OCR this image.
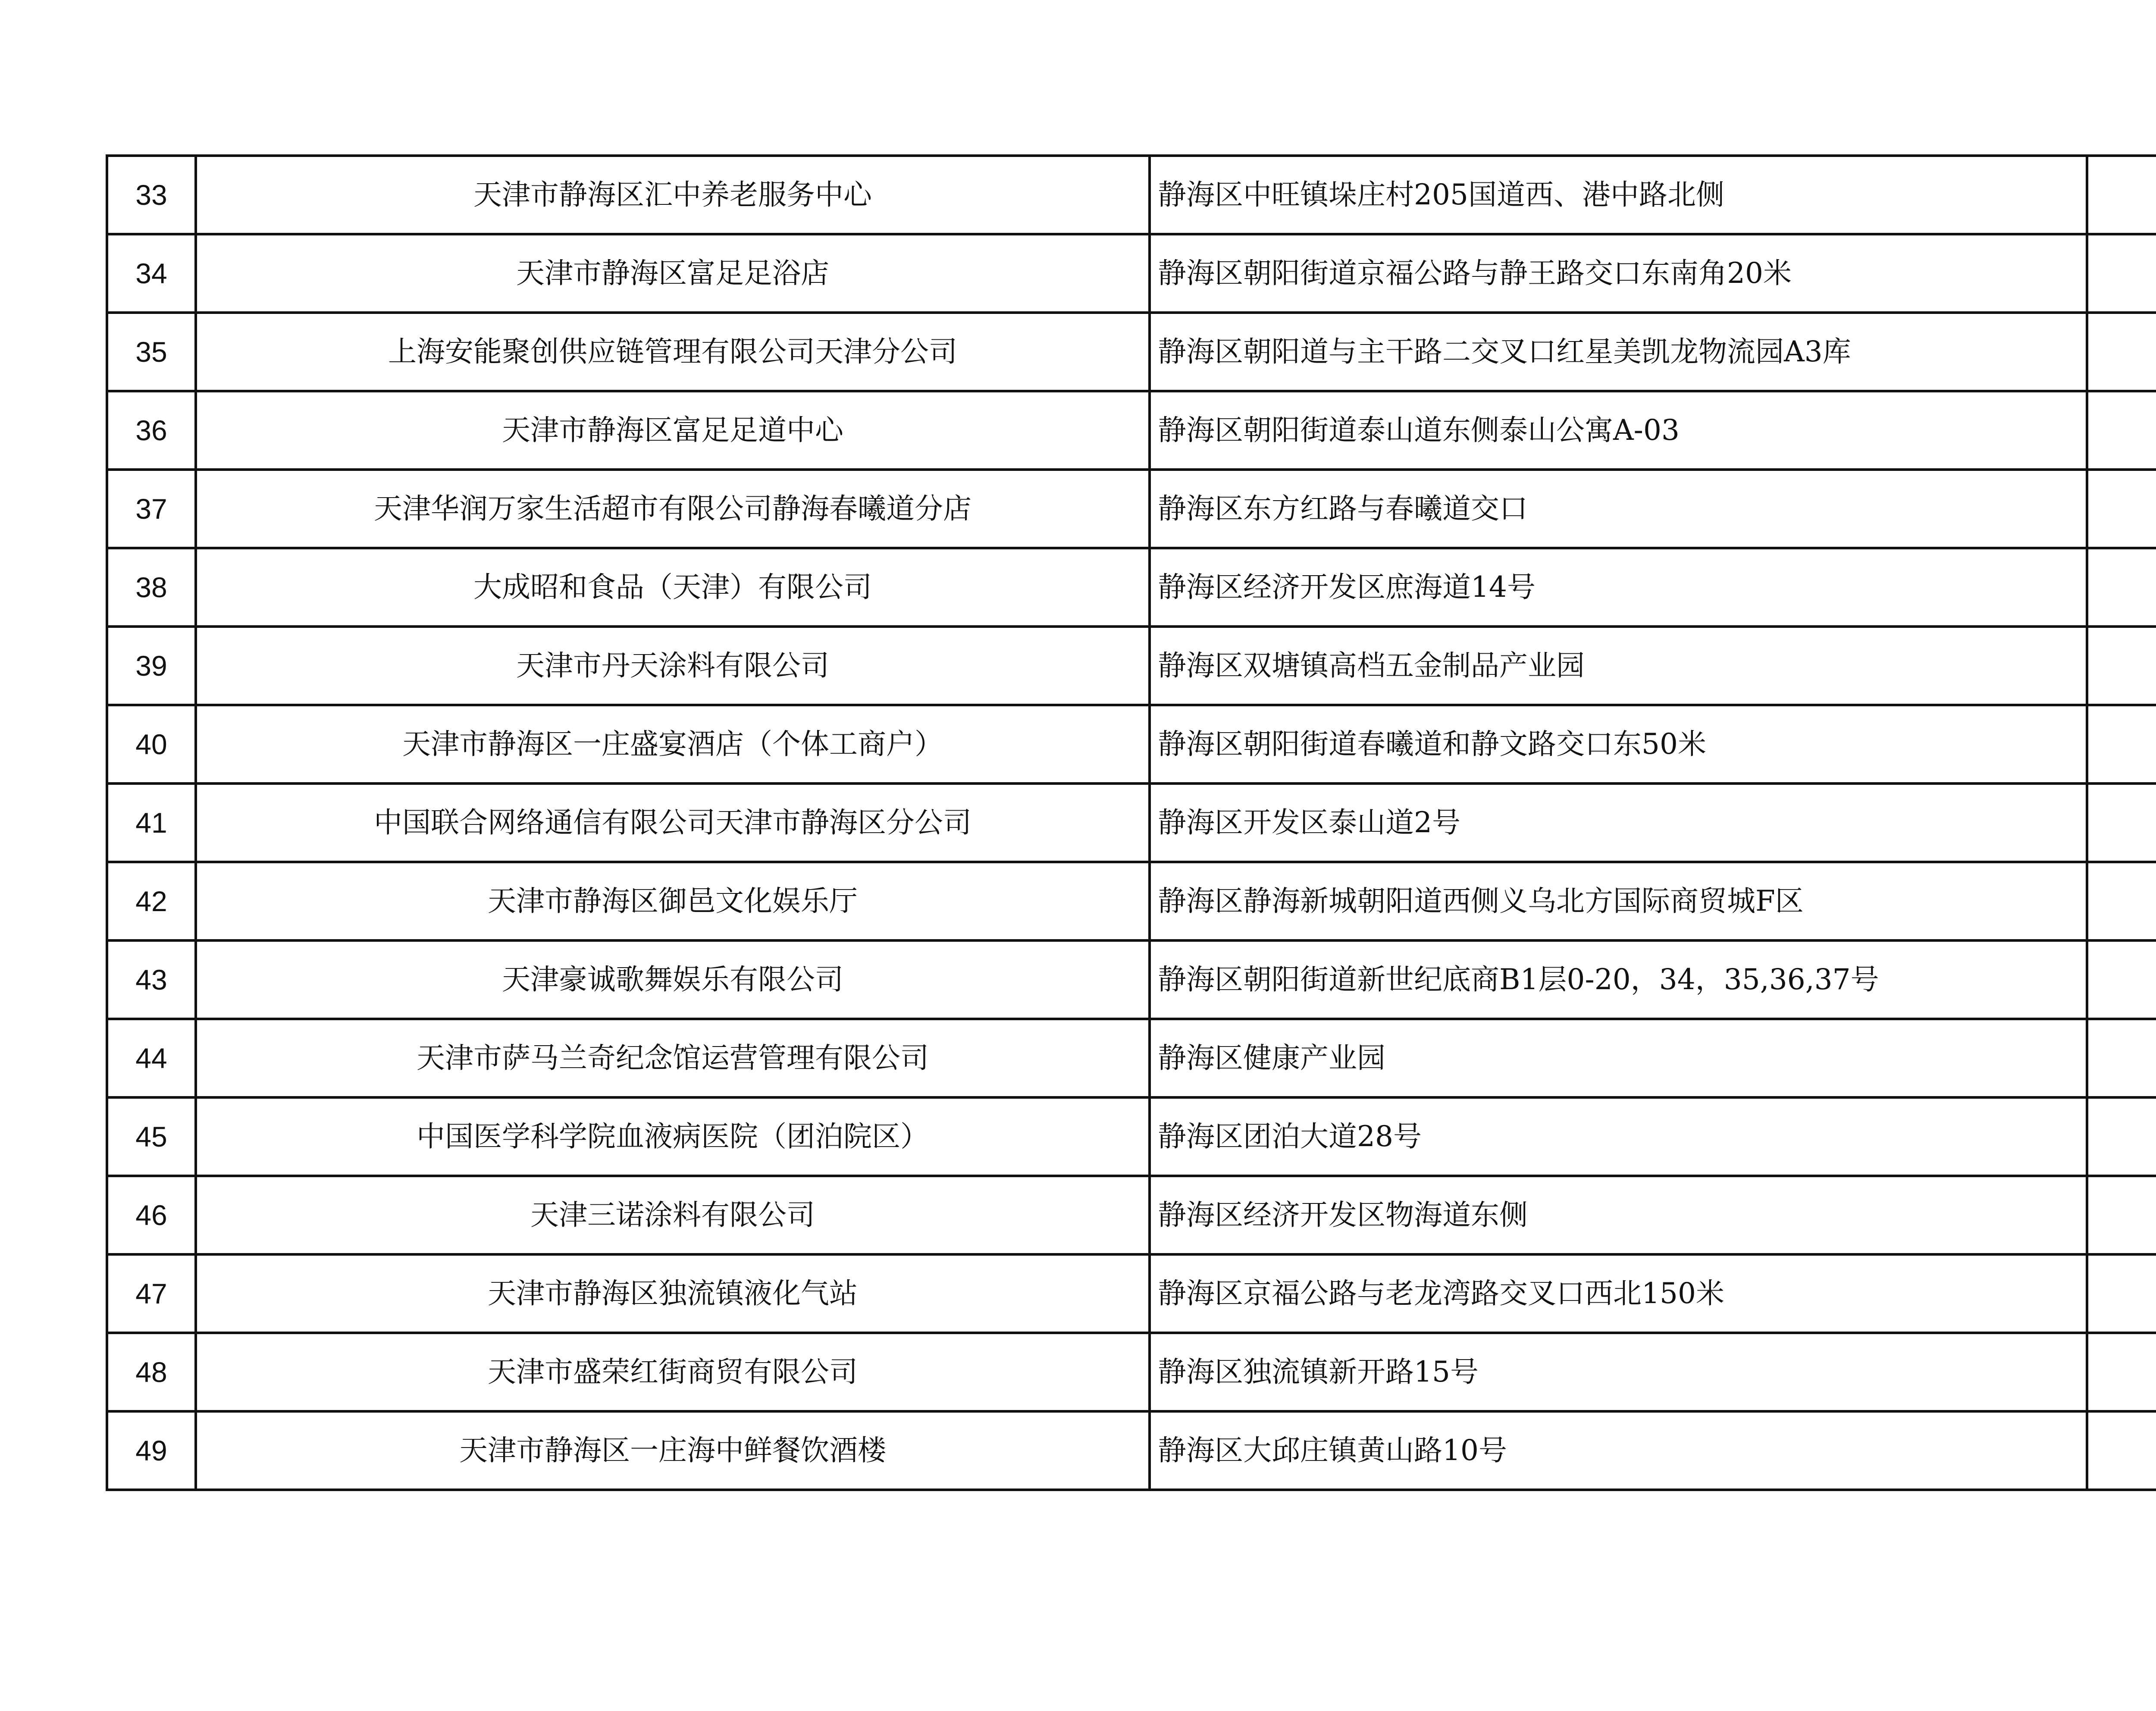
33	天津市静海区汇中养老服务中心	静海区中旺镇垛庄村205国道西、港中路北侧	
34	天津市静海区富足足浴店	静海区朝阳街道京福公路与静王路交口东南角20米	
35	上海安能聚创供应链管理有限公司天津分公司	静海区朝阳道与主干路二交叉口红星美凯龙物流园A3库	
36	天津市静海区富足足道中心	静海区朝阳街道泰山道东侧泰山公寓A-03	
37	天津华润万家生活超市有限公司静海春曦道分店	静海区东方红路与春曦道交口	
38	大成昭和食品（天津）有限公司	静海区经济开发区庶海道14号	
39	天津市丹天涂料有限公司	静海区双塘镇高档五金制品产业园	
40	天津市静海区一庄盛宴酒店（个体工商户）	静海区朝阳街道春曦道和静文路交口东50米	
41	中国联合网络通信有限公司天津市静海区分公司	静海区开发区泰山道2号	
42	天津市静海区御邑文化娱乐厅	静海区静海新城朝阳道西侧义乌北方国际商贸城F区	
43	天津豪诚歌舞娱乐有限公司	静海区朝阳街道新世纪底商B1层0-20，34，35,36,37号	
44	天津市萨马兰奇纪念馆运营管理有限公司	静海区健康产业园	
45	中国医学科学院血液病医院（团泊院区）	静海区团泊大道28号	
46	天津三诺涂料有限公司	静海区经济开发区物海道东侧	
47	天津市静海区独流镇液化气站	静海区京福公路与老龙湾路交叉口西北150米	
48	天津市盛荣红街商贸有限公司	静海区独流镇新开路15号	
49	天津市静海区一庄海中鲜餐饮酒楼	静海区大邱庄镇黄山路10号	
